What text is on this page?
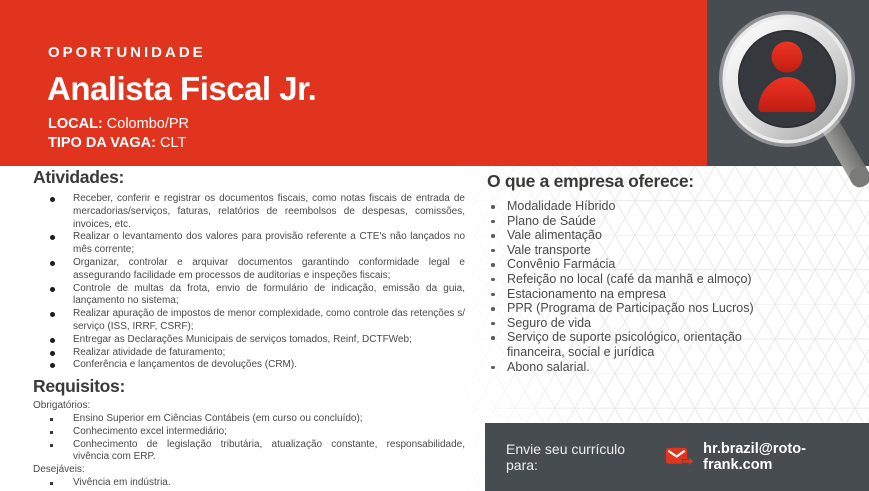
OPORTUNIDADE
Analista Fiscal Jr.
LOCAL: Colombo/PR
TIPO DA VAGA: CLT
Atividades:
Receber, conferir e registrar os documentos fiscais, como notas fiscais de entrada de mercadorias/serviços, faturas, relatórios de reembolsos de despesas, comissões, invoices, etc.
Realizar o levantamento dos valores para provisão referente a CTE's não lançados no mês corrente;
Organizar, controlar e arquivar documentos garantindo conformidade legal e assegurando facilidade em processos de auditorias e inspeções fiscais;
Controle de multas da frota, envio de formulário de indicação, emissão da guia, lançamento no sistema;
Realizar apuração de impostos de menor complexidade, como controle das retenções s/ serviço (ISS, IRRF, CSRF);
Entregar as Declarações Municipais de serviços tomados, Reinf, DCTFWeb;
Realizar atividade de faturamento;
Conferência e lançamentos de devoluções (CRM).
Requisitos:
Obrigatórios:
Ensino Superior em Ciências Contábeis (em curso ou concluído);
Conhecimento excel intermediário;
Conhecimento de legislação tributária, atualização constante, responsabilidade, vivência com ERP.
Desejáveis:
Vivência em indústria.
O que a empresa oferece:
Modalidade Híbrido
Plano de Saúde
Vale alimentação
Vale transporte
Convênio Farmácia
Refeição no local (café da manhã e almoço)
Estacionamento na empresa
PPR (Programa de Participação nos Lucros)
Seguro de vida
Serviço de suporte psicológico, orientação financeira, social e jurídica
Abono salarial.
Envie seu currículo para:
hr.brazil@roto-frank.com
